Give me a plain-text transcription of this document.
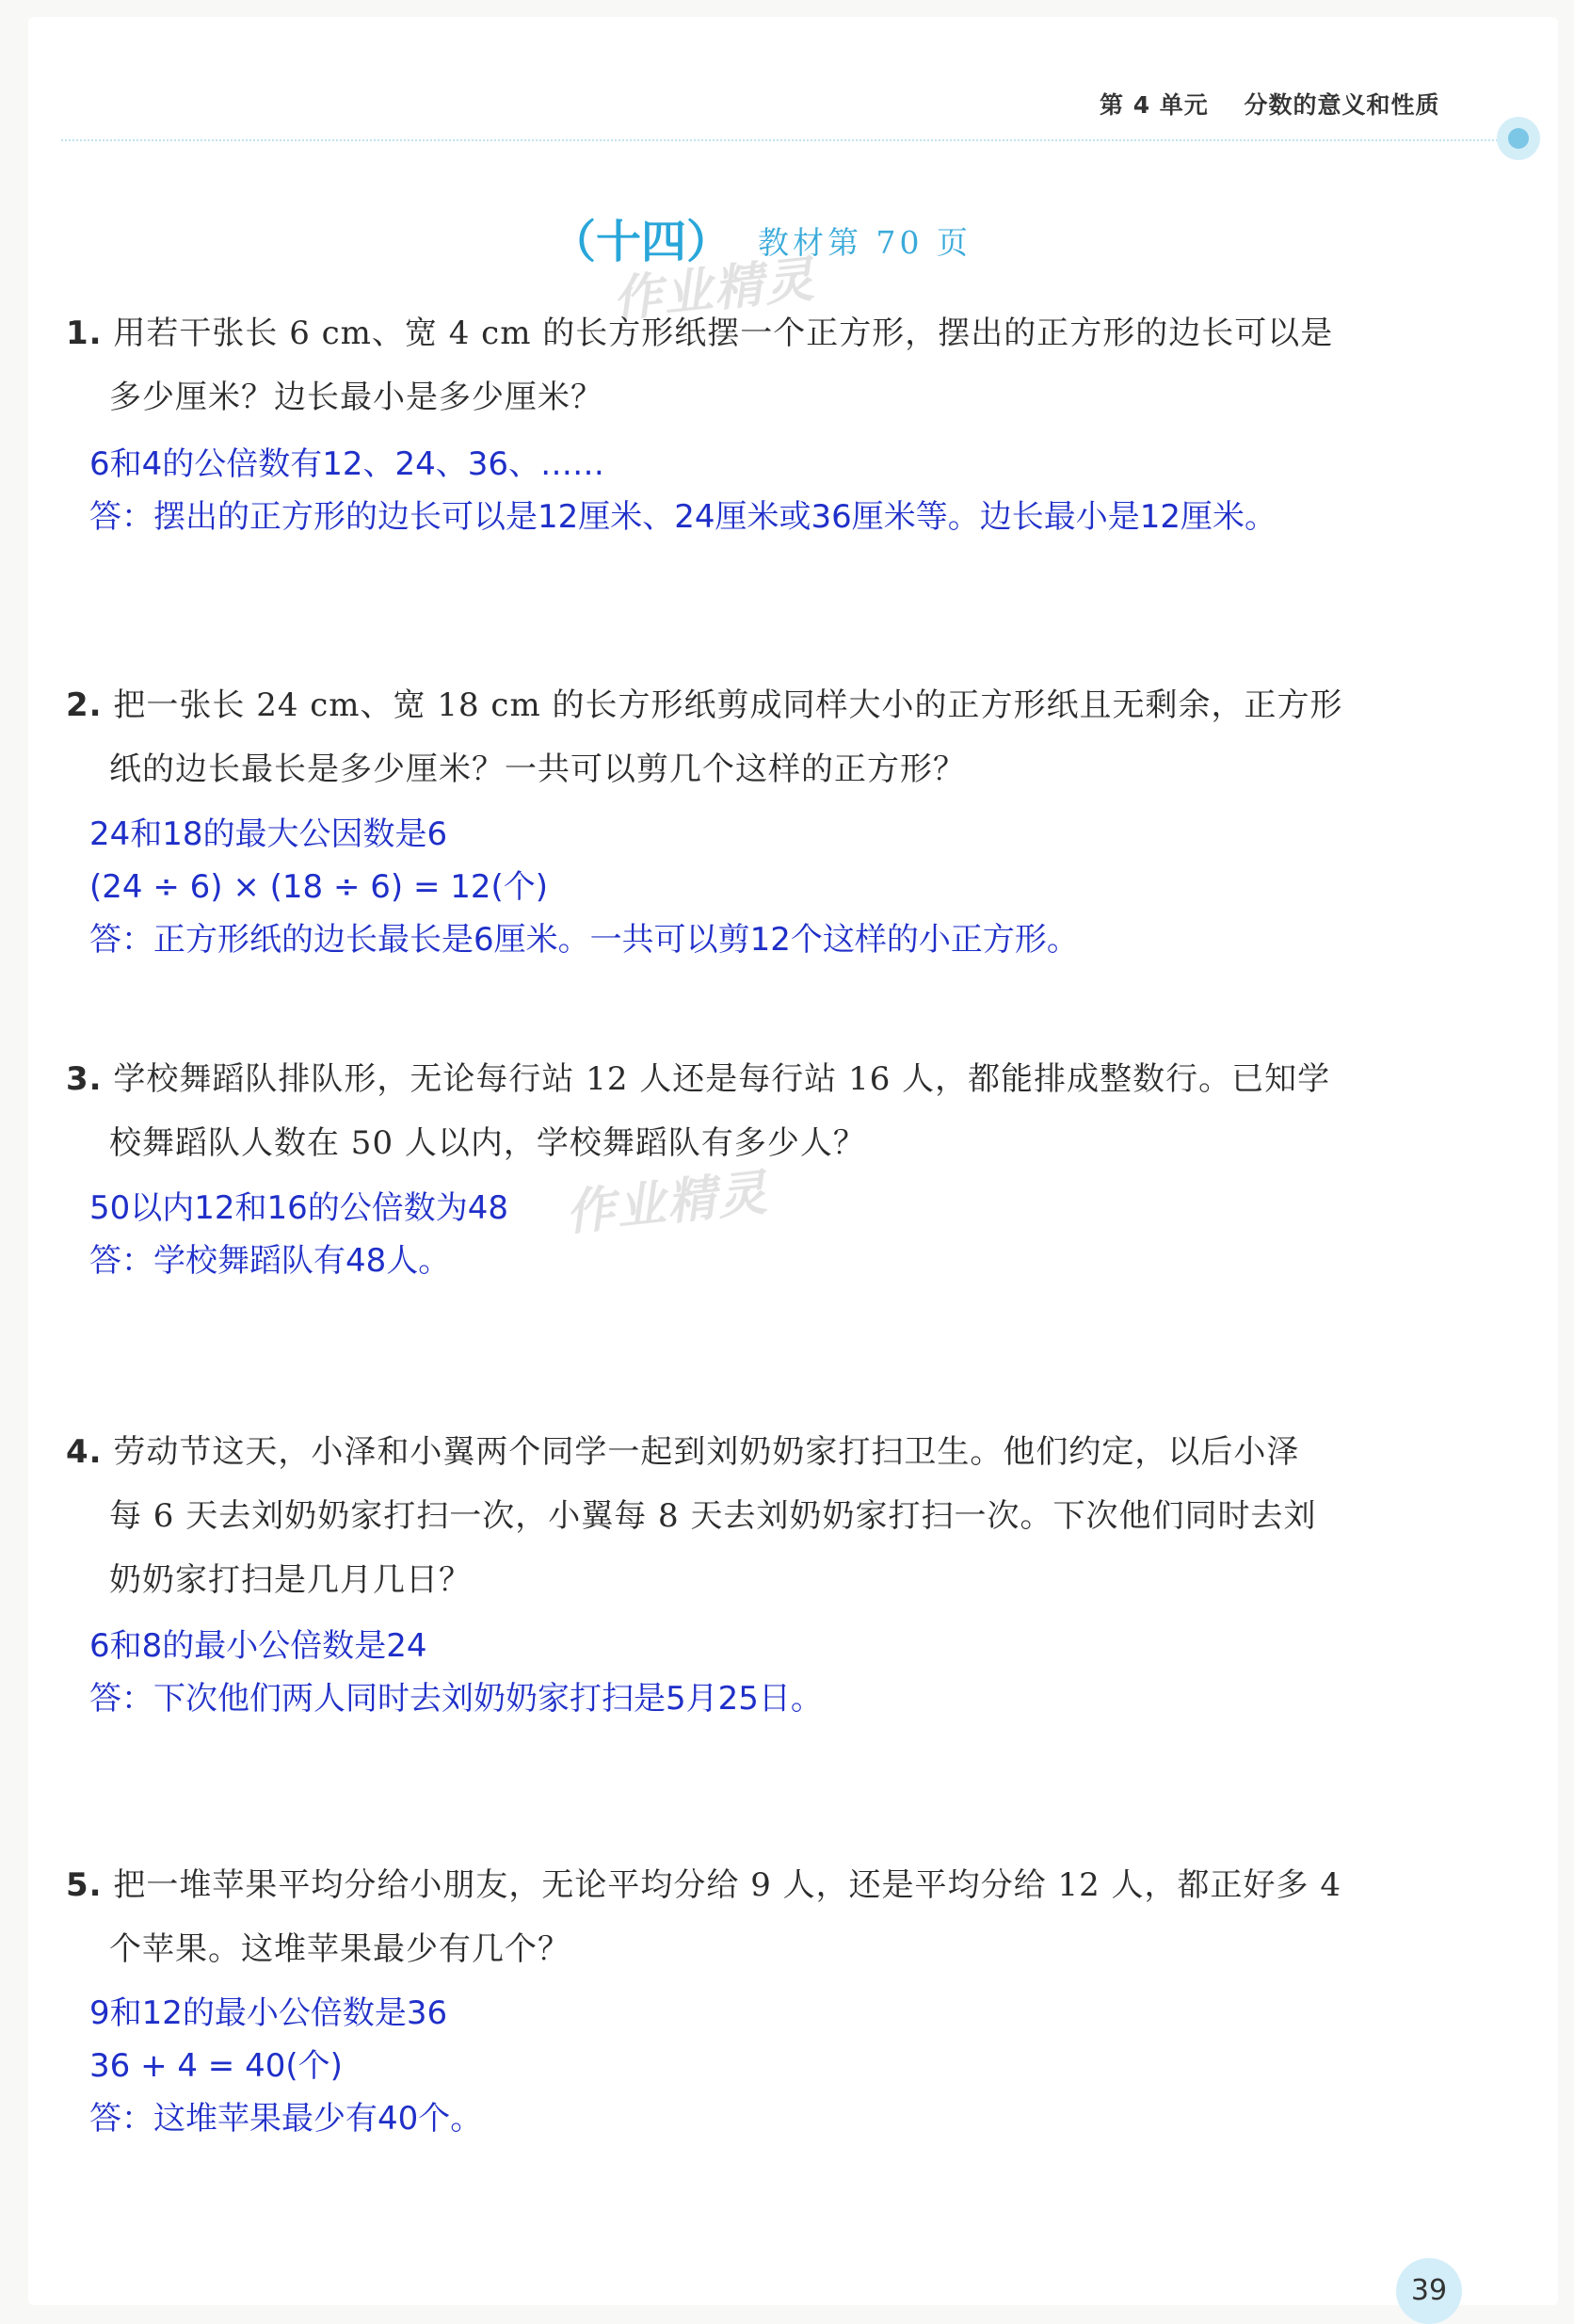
第 4 单元 分数的意义和性质
（十四） 教材第 70 页
作业精灵
作业精灵
1. 用若干张长 6 cm、宽 4 cm 的长方形纸摆一个正方形，摆出的正方形的边长可以是
多少厘米？边长最小是多少厘米？
6和4的公倍数有12、24、36、……
答：摆出的正方形的边长可以是12厘米、24厘米或36厘米等。边长最小是12厘米。
2. 把一张长 24 cm、宽 18 cm 的长方形纸剪成同样大小的正方形纸且无剩余，正方形
纸的边长最长是多少厘米？一共可以剪几个这样的正方形？
24和18的最大公因数是6
(24 ÷ 6) × (18 ÷ 6) = 12(个)
答：正方形纸的边长最长是6厘米。一共可以剪12个这样的小正方形。
3. 学校舞蹈队排队形，无论每行站 12 人还是每行站 16 人，都能排成整数行。已知学
校舞蹈队人数在 50 人以内，学校舞蹈队有多少人？
50以内12和16的公倍数为48
答：学校舞蹈队有48人。
4. 劳动节这天，小泽和小翼两个同学一起到刘奶奶家打扫卫生。他们约定，以后小泽
每 6 天去刘奶奶家打扫一次，小翼每 8 天去刘奶奶家打扫一次。下次他们同时去刘
奶奶家打扫是几月几日？
6和8的最小公倍数是24
答：下次他们两人同时去刘奶奶家打扫是5月25日。
5. 把一堆苹果平均分给小朋友，无论平均分给 9 人，还是平均分给 12 人，都正好多 4
个苹果。这堆苹果最少有几个？
9和12的最小公倍数是36
36 + 4 = 40(个)
答：这堆苹果最少有40个。
39
